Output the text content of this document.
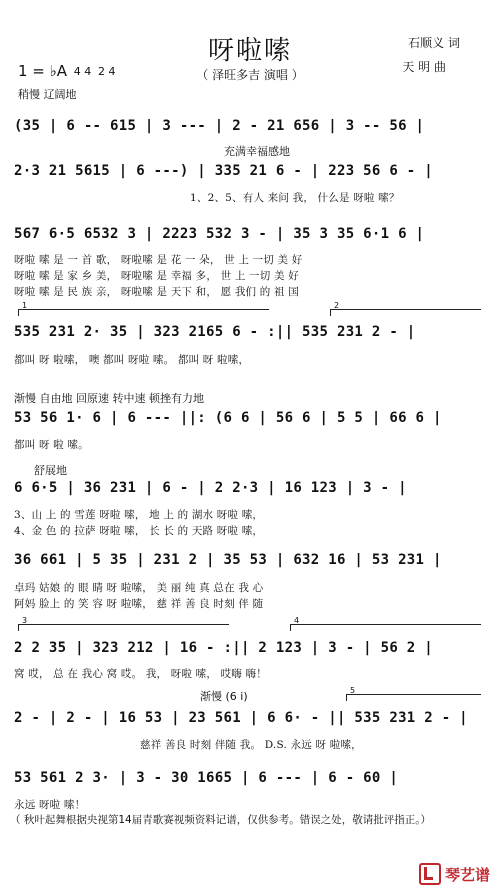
呀啦嗦
（ 泽旺多吉 演唱 ）
石顺义 词
天 明 曲
1 = ♭A 4 4 2 4
稍慢 辽阔地
(35 | 6 -- 615 | 3 --- | 2 - 21 656 | 3 -- 56 |
充满幸福感地
2·3 21 5615 | 6 ---) | 335 21 6 - | 223 56 6 - |
1、2、5、有人 来问 我， 什么是 呀啦 嗦？
567 6·5 6532 3 | 2223 532 3 - | 35 3 35 6·1 6 |
呀啦 嗦 是 一 首 歌， 呀啦嗦 是 花 一 朵， 世 上 一切 美 好
呀啦 嗦 是 家 乡 美， 呀啦嗦 是 幸福 多， 世 上 一切 美 好
呀啦 嗦 是 民 族 亲， 呀啦嗦 是 天下 和， 愿 我们 的 祖 国
1	2
535 231 2· 35 | 323 2165 6 - :|| 535 231 2 - |
都叫 呀 啦嗦， 噢 都叫 呀啦 嗦。 都叫 呀 啦嗦，
渐慢 自由地 回原速 转中速 顿挫有力地
53 56 1· 6 | 6 --- ||: (6 6 | 56 6 | 5 5 | 66 6 |
都叫 呀 啦 嗦。
舒展地
6 6·5 | 36 231 | 6 - | 2 2·3 | 16 123 | 3 - |
3、山 上 的 雪莲 呀啦 嗦， 地 上 的 湖水 呀啦 嗦，
4、金 色 的 拉萨 呀啦 嗦， 长 长 的 天路 呀啦 嗦，
36 661 | 5 35 | 231 2 | 35 53 | 632 16 | 53 231 |
卓玛 姑娘 的 眼 睛 呀 啦嗦， 美 丽 纯 真 总在 我 心
阿妈 脸上 的 笑 容 呀 啦嗦， 慈 祥 善 良 时刻 伴 随
3	4
2 2 35 | 323 212 | 16 - :|| 2 123 | 3 - | 56 2 |
窝 哎， 总 在 我心 窝 哎。 我， 呀啦 嗦， 哎嗨 嗨！
渐慢 (6 i)	5
2 - | 2 - | 16 53 | 23 561 | 6 6· - || 535 231 2 - |
慈祥 善良 时刻 伴随 我。 D.S. 永远 呀 啦嗦，
53 561 2 3· | 3 - 30 1665 | 6 --- | 6 - 60 |
永远 呀啦 嗦！
（ 秋叶起舞根据央视第14届青歌赛视频资料记谱，仅供参考。错误之处，敬请批评指正。）
琴艺谱
